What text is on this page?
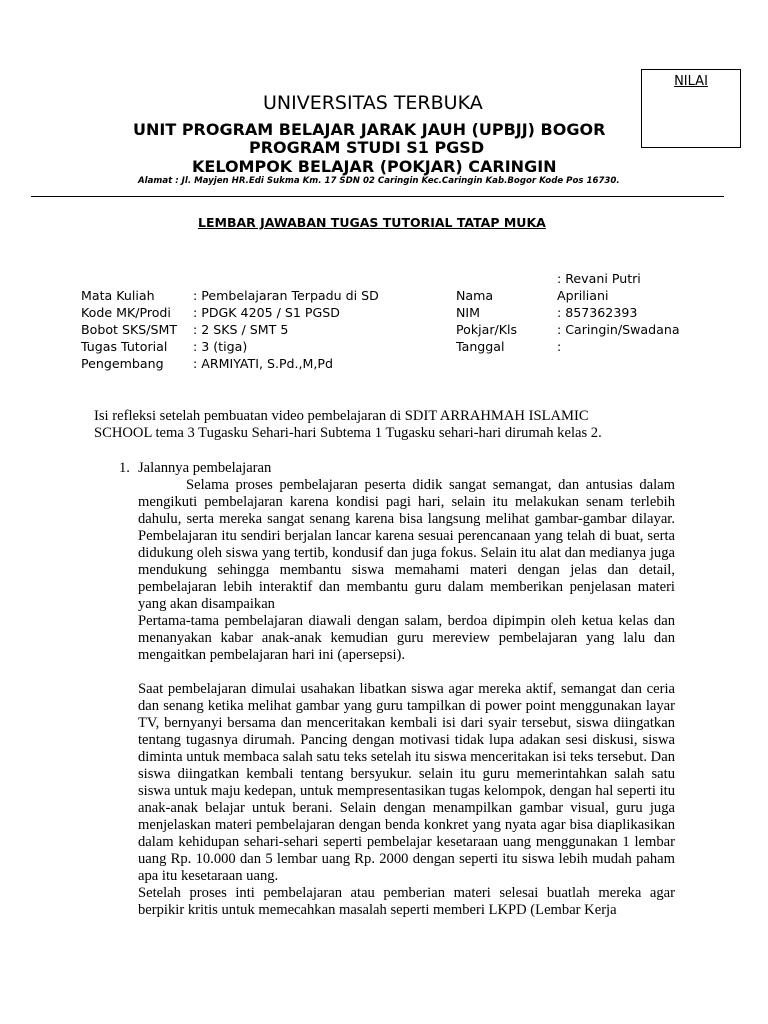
NILAI
UNIVERSITAS TERBUKA
UNIT PROGRAM BELAJAR JARAK JAUH (UPBJJ) BOGOR
PROGRAM STUDI S1 PGSD
KELOMPOK BELAJAR (POKJAR) CARINGIN
Alamat : Jl. Mayjen HR.Edi Sukma Km. 17 SDN 02 Caringin Kec.Caringin Kab.Bogor Kode Pos 16730.
LEMBAR JAWABAN TUGAS TUTORIAL TATAP MUKA
Mata Kuliah
Kode MK/Prodi
Bobot SKS/SMT
Tugas Tutorial
Pengembang
: Pembelajaran Terpadu di SD
: PDGK 4205 / S1 PGSD
: 2 SKS / SMT 5
: 3 (tiga)
: ARMIYATI, S.Pd.,M,Pd
Nama
NIM
Pokjar/Kls
Tanggal
: Revani Putri
Apriliani
: 857362393
: Caringin/Swadana
:

Isi refleksi setelah pembuatan video pembelajaran di SDIT ARRAHMAH ISLAMIC

SCHOOL tema 3 Tugasku Sehari-hari Subtema 1 Tugasku sehari-hari dirumah kelas 2.

1. Jalannya pembelajaran

Selama proses pembelajaran peserta didik sangat semangat, dan antusias dalam mengikuti pembelajaran karena kondisi pagi hari, selain itu melakukan senam terlebih dahulu, serta mereka sangat senang karena bisa langsung melihat gambar-gambar dilayar. Pembelajaran itu sendiri berjalan lancar karena sesuai perencanaan yang telah di buat, serta didukung oleh siswa yang tertib, kondusif dan juga fokus. Selain itu alat dan medianya juga mendukung sehingga membantu siswa memahami materi dengan jelas dan detail, pembelajaran lebih interaktif dan membantu guru dalam memberikan penjelasan materi yang akan disampaikan

Pertama-tama pembelajaran diawali dengan salam, berdoa dipimpin oleh ketua kelas dan menanyakan kabar anak-anak kemudian guru mereview pembelajaran yang lalu dan mengaitkan pembelajaran hari ini (apersepsi).

Saat pembelajaran dimulai usahakan libatkan siswa agar mereka aktif, semangat dan ceria dan senang ketika melihat gambar yang guru tampilkan di power point menggunakan layar TV, bernyanyi bersama dan menceritakan kembali isi dari syair tersebut, siswa diingatkan tentang tugasnya dirumah. Pancing dengan motivasi tidak lupa adakan sesi diskusi, siswa diminta untuk membaca salah satu teks setelah itu siswa menceritakan isi teks tersebut. Dan siswa diingatkan kembali tentang bersyukur. selain itu guru memerintahkan salah satu siswa untuk maju kedepan, untuk mempresentasikan tugas kelompok, dengan hal seperti itu anak-anak belajar untuk berani. Selain dengan menampilkan gambar visual, guru juga menjelaskan materi pembelajaran dengan benda konkret yang nyata agar bisa diaplikasikan dalam kehidupan sehari-sehari seperti pembelajar kesetaraan uang menggunakan 1 lembar uang Rp. 10.000 dan 5 lembar uang Rp. 2000 dengan seperti itu siswa lebih mudah paham apa itu kesetaraan uang.

Setelah proses inti pembelajaran atau pemberian materi selesai buatlah mereka agar berpikir kritis untuk memecahkan masalah seperti memberi LKPD (Lembar Kerja
